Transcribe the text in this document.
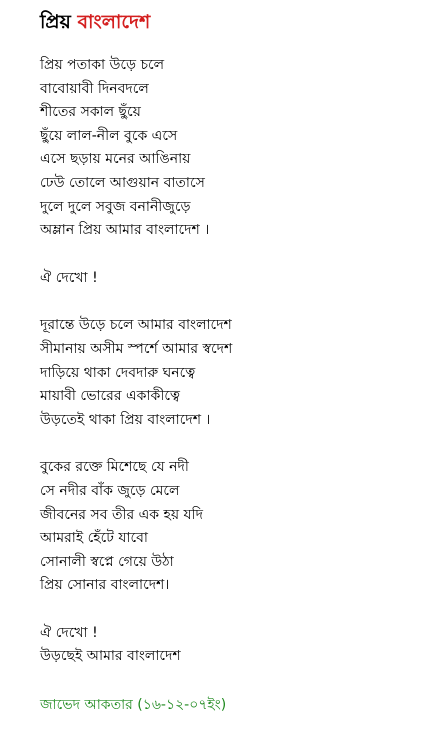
প্রিয় বাংলাদেশ
প্রিয় পতাকা উড়ে চলে
বাবোয়াবী দিনবদলে
শীতের সকাল ছুঁয়ে
ছুঁয়ে লাল-নীল বুকে এসে
এসে ছড়ায় মনের আঙিনায়
ঢেউ তোলে আগুয়ান বাতাসে
দুলে দুলে সবুজ বনানীজুড়ে
অম্লান প্রিয় আমার বাংলাদেশ ।
ঐ দেখো !
দূরান্তে উড়ে চলে আমার বাংলাদেশ
সীমানায় অসীম স্পর্শে আমার স্বদেশ
দাড়িয়ে থাকা দেবদারু ঘনত্বে
মায়াবী ভোরের একাকীত্বে
উড়তেই থাকা প্রিয় বাংলাদেশ ।
বুকের রক্তে মিশেছে যে নদী
সে নদীর বাঁক জুড়ে মেলে
জীবনের সব তীর এক হয় যদি
আমরাই হেঁটে যাবো
সোনালী স্বপ্নে গেয়ে উঠা
প্রিয় সোনার বাংলাদেশ।
ঐ দেখো !
উড়ছেই আমার বাংলাদেশ
জাভেদ আকতার (১৬-১২-০৭ইং)
